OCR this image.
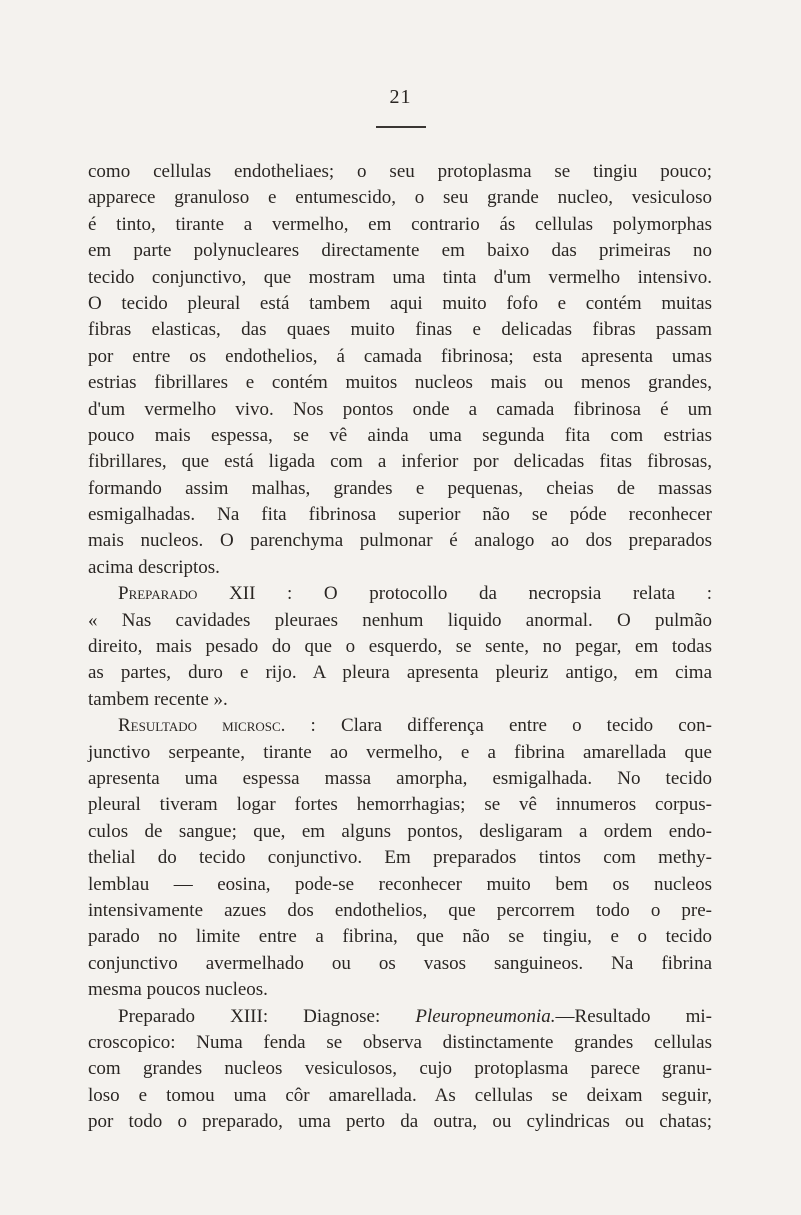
21
como cellulas endotheliaes; o seu protoplasma se tingiu pouco;
apparece granuloso e entumescido, o seu grande nucleo, vesiculoso
é tinto, tirante a vermelho, em contrario ás cellulas polymorphas
em parte polynucleares directamente em baixo das primeiras no
tecido conjunctivo, que mostram uma tinta d'um vermelho intensivo.
O tecido pleural está tambem aqui muito fofo e contém muitas
fibras elasticas, das quaes muito finas e delicadas fibras passam
por entre os endothelios, á camada fibrinosa; esta apresenta umas
estrias fibrillares e contém muitos nucleos mais ou menos grandes,
d'um vermelho vivo. Nos pontos onde a camada fibrinosa é um
pouco mais espessa, se vê ainda uma segunda fita com estrias
fibrillares, que está ligada com a inferior por delicadas fitas fibrosas,
formando assim malhas, grandes e pequenas, cheias de massas
esmigalhadas. Na fita fibrinosa superior não se póde reconhecer
mais nucleos. O parenchyma pulmonar é analogo ao dos preparados
acima descriptos.
Preparado XII : O protocollo da necropsia relata :
« Nas cavidades pleuraes nenhum liquido anormal. O pulmão
direito, mais pesado do que o esquerdo, se sente, no pegar, em todas
as partes, duro e rijo. A pleura apresenta pleuriz antigo, em cima
tambem recente ».
Resultado microsc. : Clara differença entre o tecido con-
junctivo serpeante, tirante ao vermelho, e a fibrina amarellada que
apresenta uma espessa massa amorpha, esmigalhada. No tecido
pleural tiveram logar fortes hemorrhagias; se vê innumeros corpus-
culos de sangue; que, em alguns pontos, desligaram a ordem endo-
thelial do tecido conjunctivo. Em preparados tintos com methy-
lemblau — eosina, pode-se reconhecer muito bem os nucleos
intensivamente azues dos endothelios, que percorrem todo o pre-
parado no limite entre a fibrina, que não se tingiu, e o tecido
conjunctivo avermelhado ou os vasos sanguineos. Na fibrina
mesma poucos nucleos.
Preparado XIII: Diagnose: Pleuropneumonia.—Resultado mi-
croscopico: Numa fenda se observa distinctamente grandes cellulas
com grandes nucleos vesiculosos, cujo protoplasma parece granu-
loso e tomou uma côr amarellada. As cellulas se deixam seguir,
por todo o preparado, uma perto da outra, ou cylindricas ou chatas;
